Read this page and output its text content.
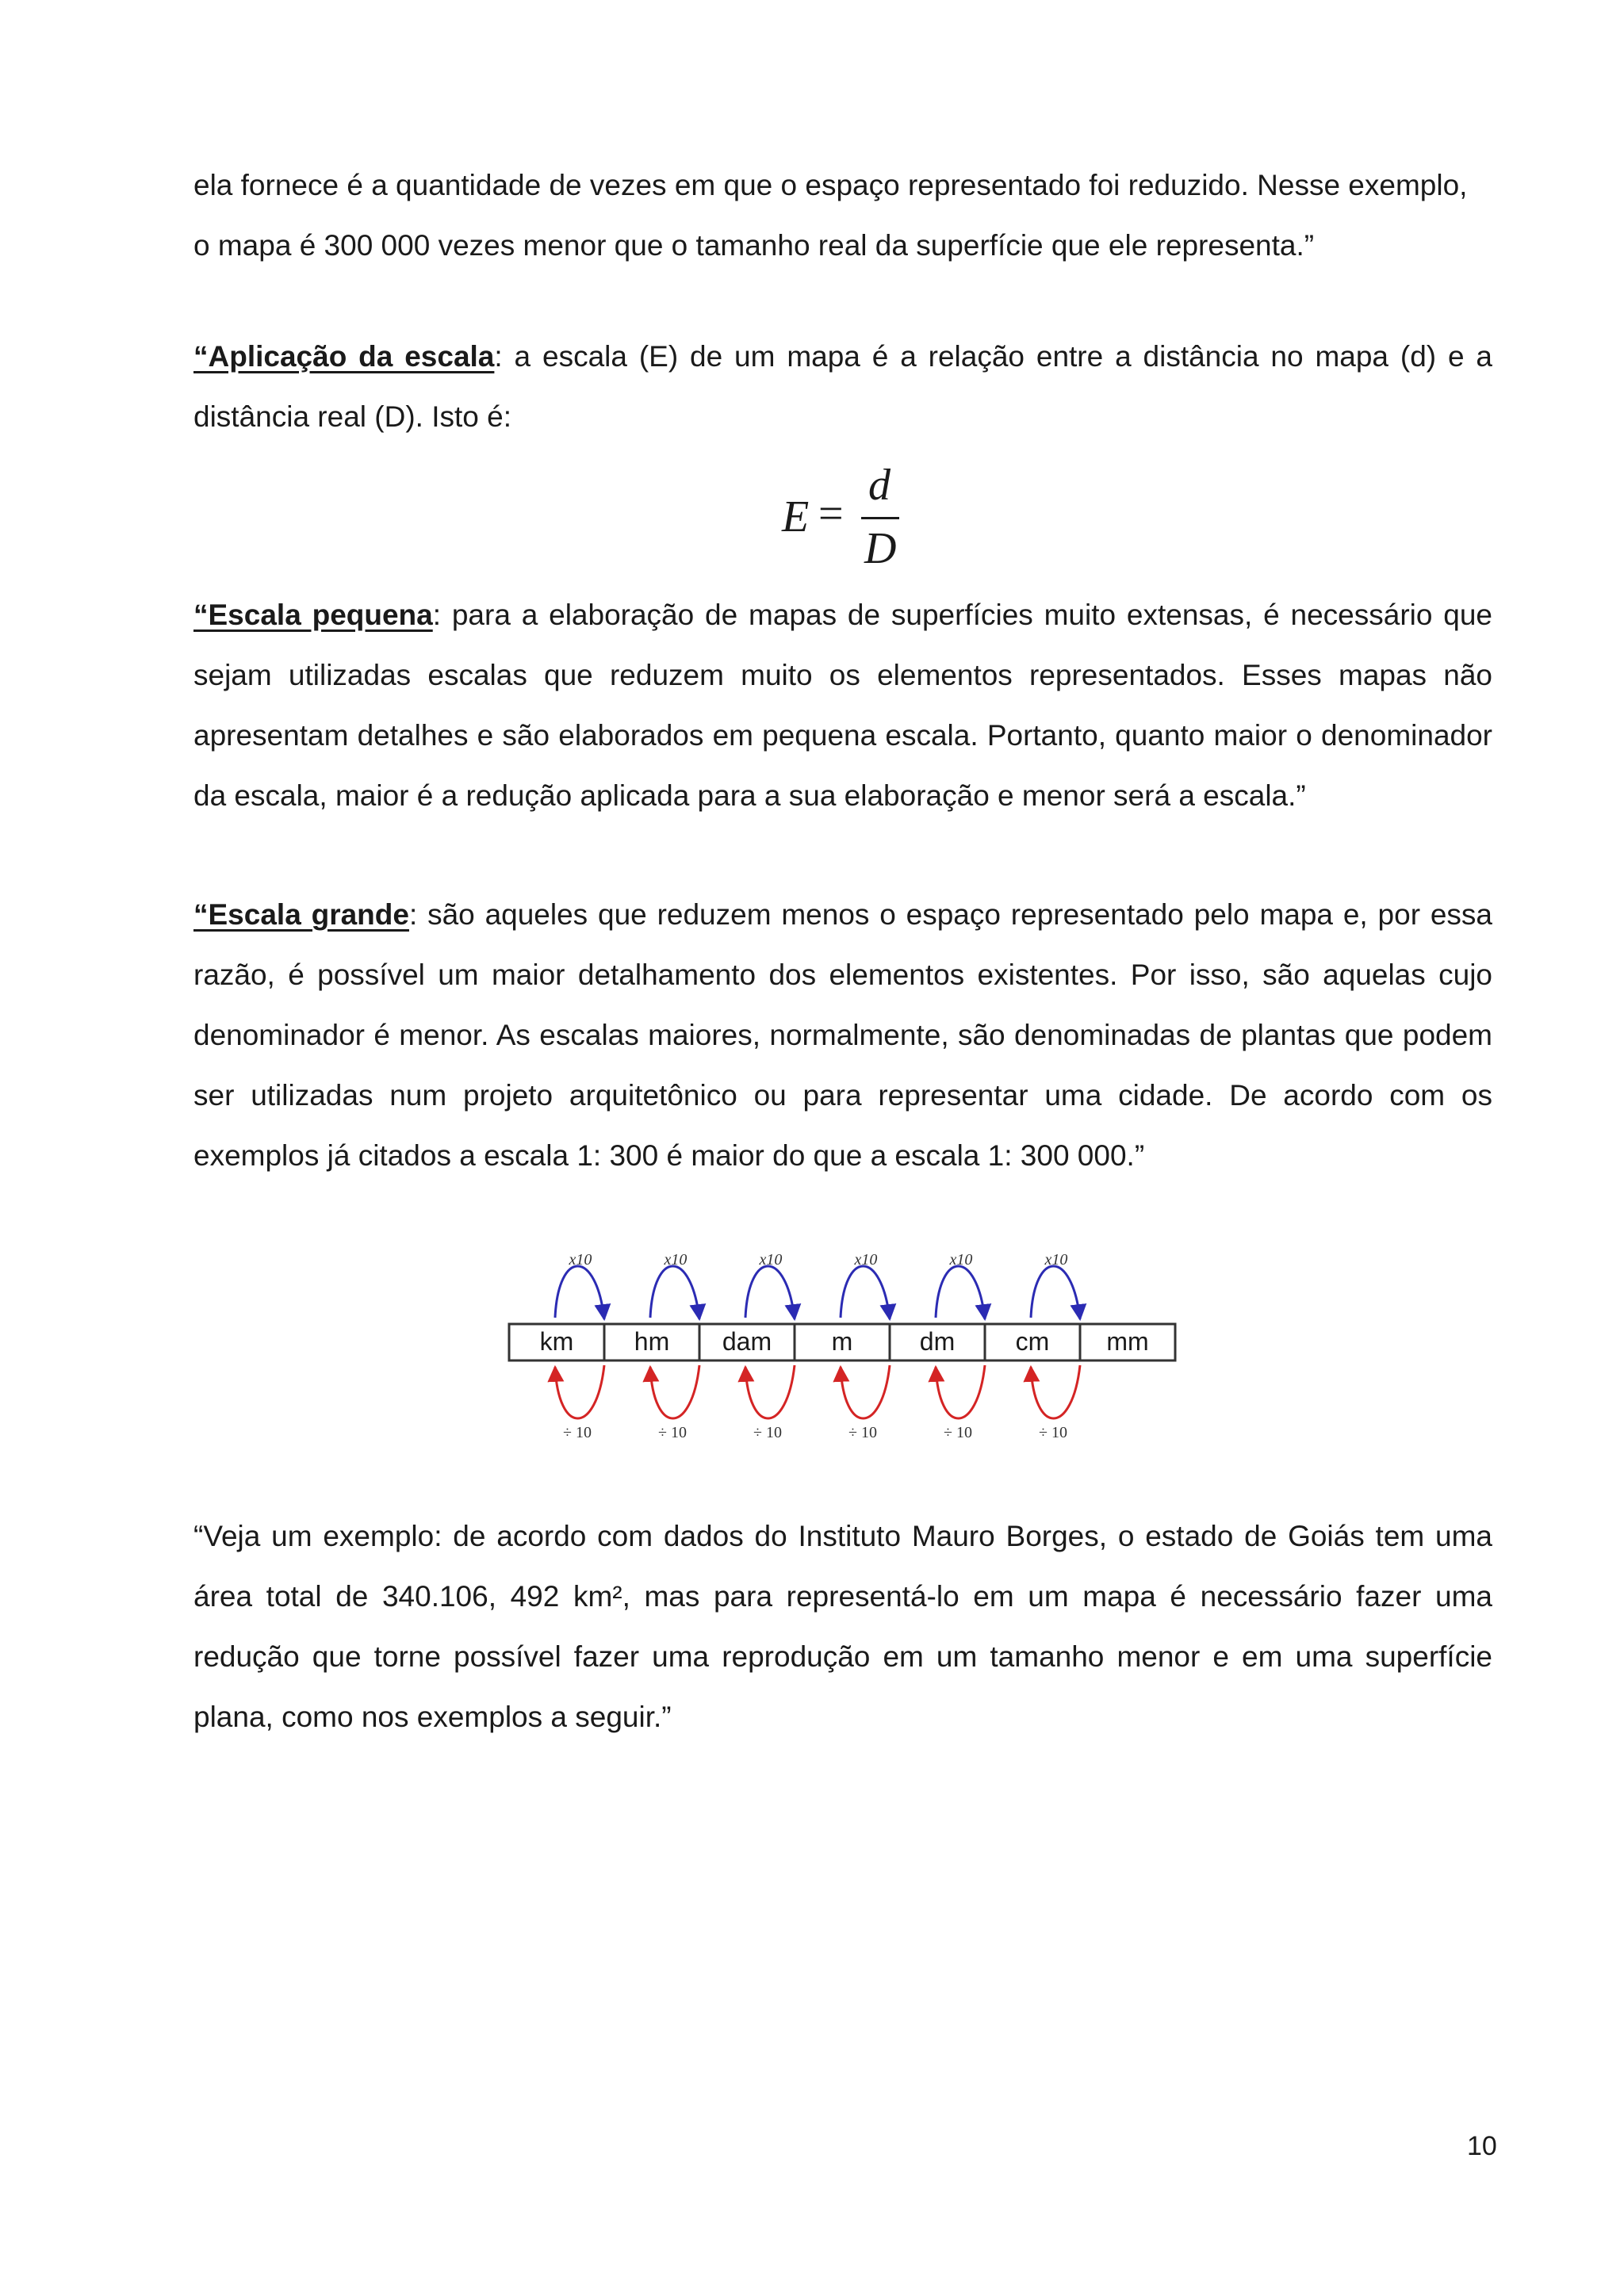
ela fornece é a quantidade de vezes em que o espaço representado foi reduzido. Nesse exemplo,
o mapa é 300 000 vezes menor que o tamanho real da superfície que ele representa.”

“Aplicação da escala: a escala (E) de um mapa é a relação entre a distância no mapa (d) e a distância real (D). Isto é:

E =
d
D

“Escala pequena: para a elaboração de mapas de superfícies muito extensas, é necessário que sejam utilizadas escalas que reduzem muito os elementos representados. Esses mapas não apresentam detalhes e são elaborados em pequena escala. Portanto, quanto maior o denominador da escala, maior é a redução aplicada para a sua elaboração e menor será a escala.”

“Escala grande: são aqueles que reduzem menos o espaço representado pelo mapa e, por essa razão, é possível um maior detalhamento dos elementos existentes. Por isso, são aquelas cujo denominador é menor. As escalas maiores, normalmente, são denominadas de plantas que podem ser utilizadas num projeto arquitetônico ou para representar uma cidade. De acordo com os exemplos já citados a escala 1: 300 é maior do que a escala 1: 300 000.”

km hm dam m	dm cm mm
x10
÷ 10
x10
÷ 10
x10
÷ 10
x10
÷ 10
x10
÷ 10
x10
÷ 10

“Veja um exemplo: de acordo com dados do Instituto Mauro Borges, o estado de Goiás tem uma área total de 340.106, 492 km², mas para representá-lo em um mapa é necessário fazer uma redução que torne possível fazer uma reprodução em um tamanho menor e em uma superfície plana, como nos exemplos a seguir.”

10
